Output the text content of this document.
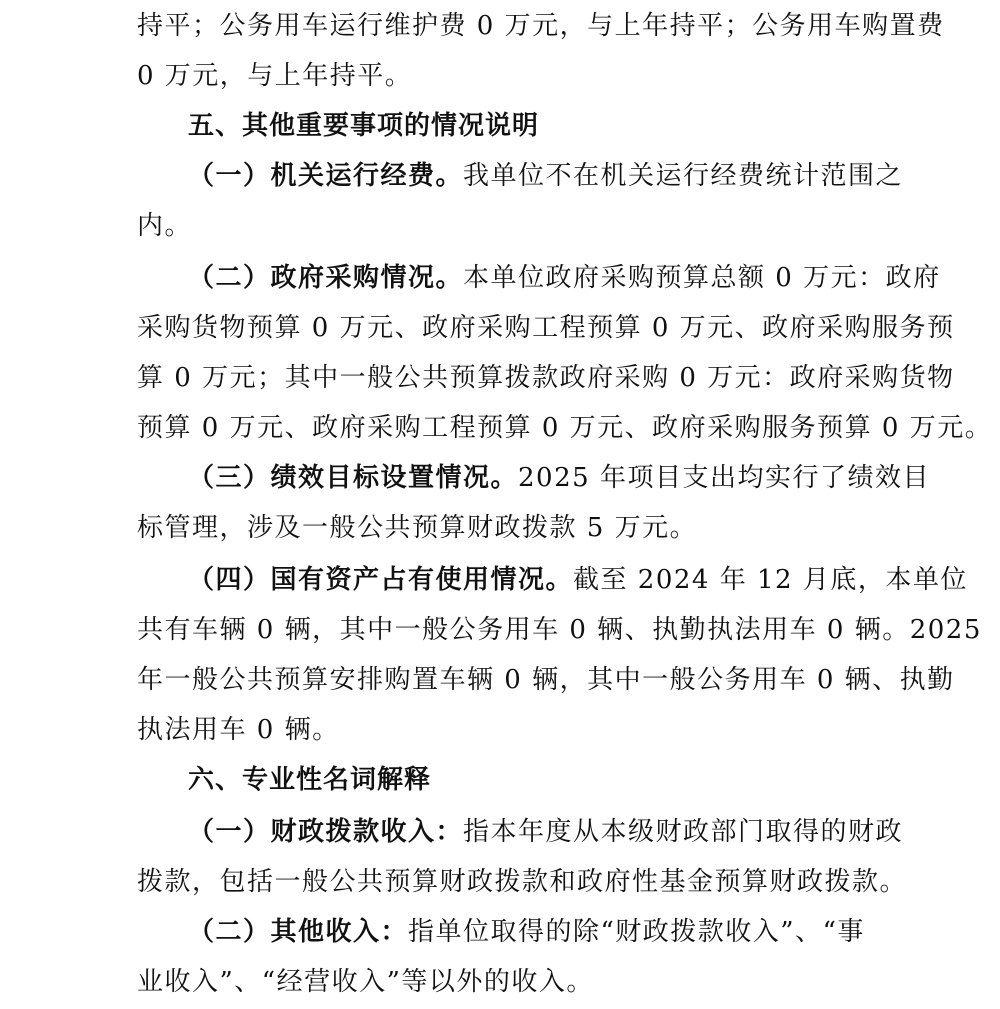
持平；公务用车运行维护费 0 万元，与上年持平；公务用车购置费
0 万元，与上年持平。
五、其他重要事项的情况说明
（一）机关运行经费。我单位不在机关运行经费统计范围之
内。
（二）政府采购情况。本单位政府采购预算总额 0 万元：政府
采购货物预算 0 万元、政府采购工程预算 0 万元、政府采购服务预
算 0 万元；其中一般公共预算拨款政府采购 0 万元：政府采购货物
预算 0 万元、政府采购工程预算 0 万元、政府采购服务预算 0 万元。
（三）绩效目标设置情况。2025 年项目支出均实行了绩效目
标管理，涉及一般公共预算财政拨款 5 万元。
（四）国有资产占有使用情况。截至 2024 年 12 月底，本单位
共有车辆 0 辆，其中一般公务用车 0 辆、执勤执法用车 0 辆。2025
年一般公共预算安排购置车辆 0 辆，其中一般公务用车 0 辆、执勤
执法用车 0 辆。
六、专业性名词解释
（一）财政拨款收入：指本年度从本级财政部门取得的财政
拨款，包括一般公共预算财政拨款和政府性基金预算财政拨款。
（二）其他收入：指单位取得的除“财政拨款收入”、“事
业收入”、“经营收入”等以外的收入。
